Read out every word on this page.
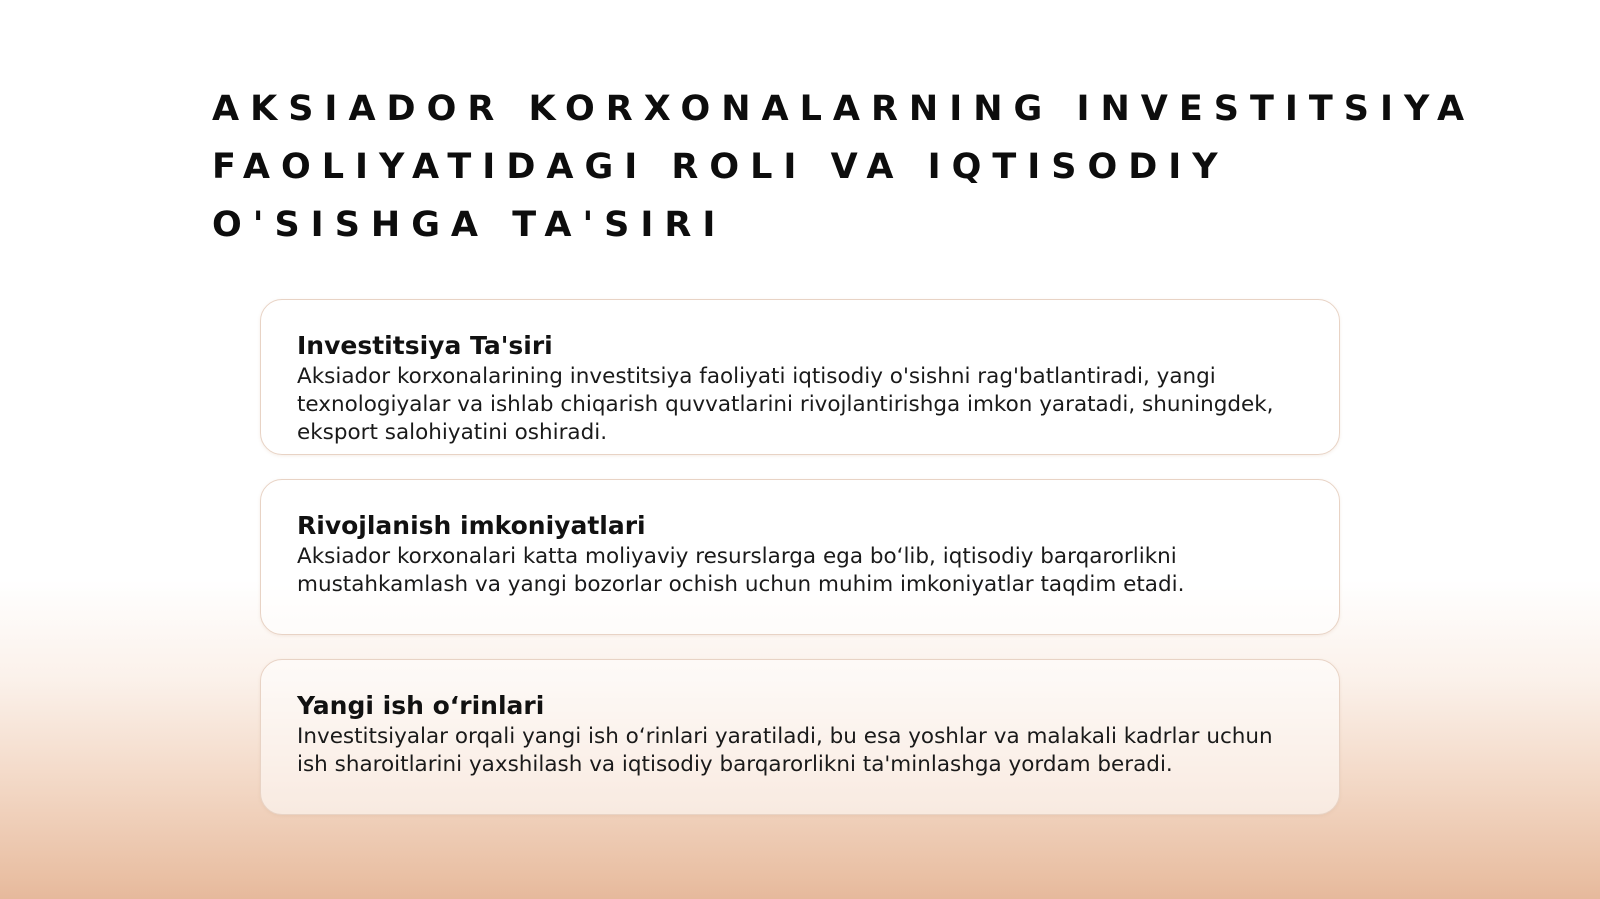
AKSIADOR KORXONALARNING INVESTITSIYA
FAOLIYATIDAGI ROLI VA IQTISODIY
O'SISHGA TA'SIRI
Investitsiya Ta'siri

Aksiador korxonalarining investitsiya faoliyati iqtisodiy o'sishni rag'batlantiradi, yangi
texnologiyalar va ishlab chiqarish quvvatlarini rivojlantirishga imkon yaratadi, shuningdek,
eksport salohiyatini oshiradi.

Rivojlanish imkoniyatlari

Aksiador korxonalari katta moliyaviy resurslarga ega bo‘lib, iqtisodiy barqarorlikni
mustahkamlash va yangi bozorlar ochish uchun muhim imkoniyatlar taqdim etadi.

Yangi ish o‘rinlari

Investitsiyalar orqali yangi ish o‘rinlari yaratiladi, bu esa yoshlar va malakali kadrlar uchun
ish sharoitlarini yaxshilash va iqtisodiy barqarorlikni ta'minlashga yordam beradi.
